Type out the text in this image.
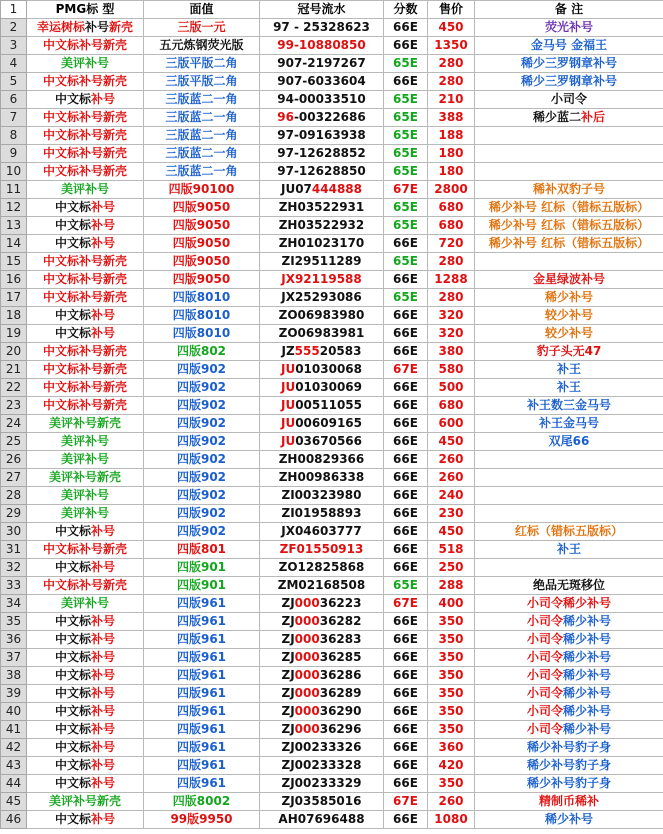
1	PMG标 型	面值	冠号流水	分数	售价	备 注
2	幸运树标补号新壳	三版一元	97 - 25328623	66E	450	荧光补号
3	中文标补号新壳	五元炼钢荧光版	99-10880850	66E	1350	金马号 金福王
4	美评补号	三版平版二角	907-2197267	65E	280	稀少三罗钢章补号
5	中文标补号新壳	三版平版二角	907-6033604	66E	280	稀少三罗钢章补号
6	中文标补号	三版蓝二一角	94-00033510	65E	210	小司令
7	中文标补号新壳	三版蓝二一角	96-00322686	65E	388	稀少蓝二补后
8	中文标补号新壳	三版蓝二一角	97-09163938	65E	188	
9	中文标补号新壳	三版蓝二一角	97-12628852	65E	180	
10	中文标补号新壳	三版蓝二一角	97-12628850	65E	180	
11	美评补号	四版90100	JU07444888	67E	2800	稀补双豹子号
12	中文标补号	四版9050	ZH03522931	65E	680	稀少补号 红标（错标五版标）
13	中文标补号	四版9050	ZH03522932	65E	680	稀少补号 红标（错标五版标）
14	中文标补号	四版9050	ZH01023170	66E	720	稀少补号 红标（错标五版标）
15	中文标补号新壳	四版9050	ZI29511289	65E	280	
16	中文标补号新壳	四版9050	JX92119588	66E	1288	金星绿波补号
17	中文标补号新壳	四版8010	JX25293086	65E	280	稀少补号
18	中文标补号	四版8010	ZO06983980	66E	320	较少补号
19	中文标补号	四版8010	ZO06983981	66E	320	较少补号
20	中文标补号新壳	四版802	JZ55520583	66E	380	豹子头无47
21	中文标补号新壳	四版902	JU01030068	67E	580	补王
22	中文标补号新壳	四版902	JU01030069	66E	500	补王
23	中文标补号新壳	四版902	JU00511055	66E	680	补王数三金马号
24	美评补号新壳	四版902	JU00609165	66E	600	补王金马号
25	美评补号	四版902	JU03670566	66E	450	双尾66
26	美评补号	四版902	ZH00829366	66E	260	
27	美评补号新壳	四版902	ZH00986338	66E	260	
28	美评补号	四版902	ZI00323980	66E	240	
29	美评补号	四版902	ZI01958893	66E	230	
30	中文标补号	四版902	JX04603777	66E	450	红标（错标五版标）
31	中文标补号新壳	四版801	ZF01550913	66E	518	补王
32	中文标补号	四版901	ZO12825868	66E	250	
33	中文标补号新壳	四版901	ZM02168508	65E	288	绝品无斑移位
34	美评补号	四版961	ZJ00036223	67E	400	小司令稀少补号
35	中文标补号	四版961	ZJ00036282	66E	350	小司令稀少补号
36	中文标补号	四版961	ZJ00036283	66E	350	小司令稀少补号
37	中文标补号	四版961	ZJ00036285	66E	350	小司令稀少补号
38	中文标补号	四版961	ZJ00036286	66E	350	小司令稀少补号
39	中文标补号	四版961	ZJ00036289	66E	350	小司令稀少补号
40	中文标补号	四版961	ZJ00036290	66E	350	小司令稀少补号
41	中文标补号	四版961	ZJ00036296	66E	350	小司令稀少补号
42	中文标补号	四版961	ZJ00233326	66E	360	稀少补号豹子身
43	中文标补号	四版961	ZJ00233328	66E	420	稀少补号豹子身
44	中文标补号	四版961	ZJ00233329	66E	350	稀少补号豹子身
45	美评补号新壳	四版8002	ZJ03585016	67E	260	精制币稀补
46	中文标补号	99版9950	AH07696488	66E	1080	稀少补号
